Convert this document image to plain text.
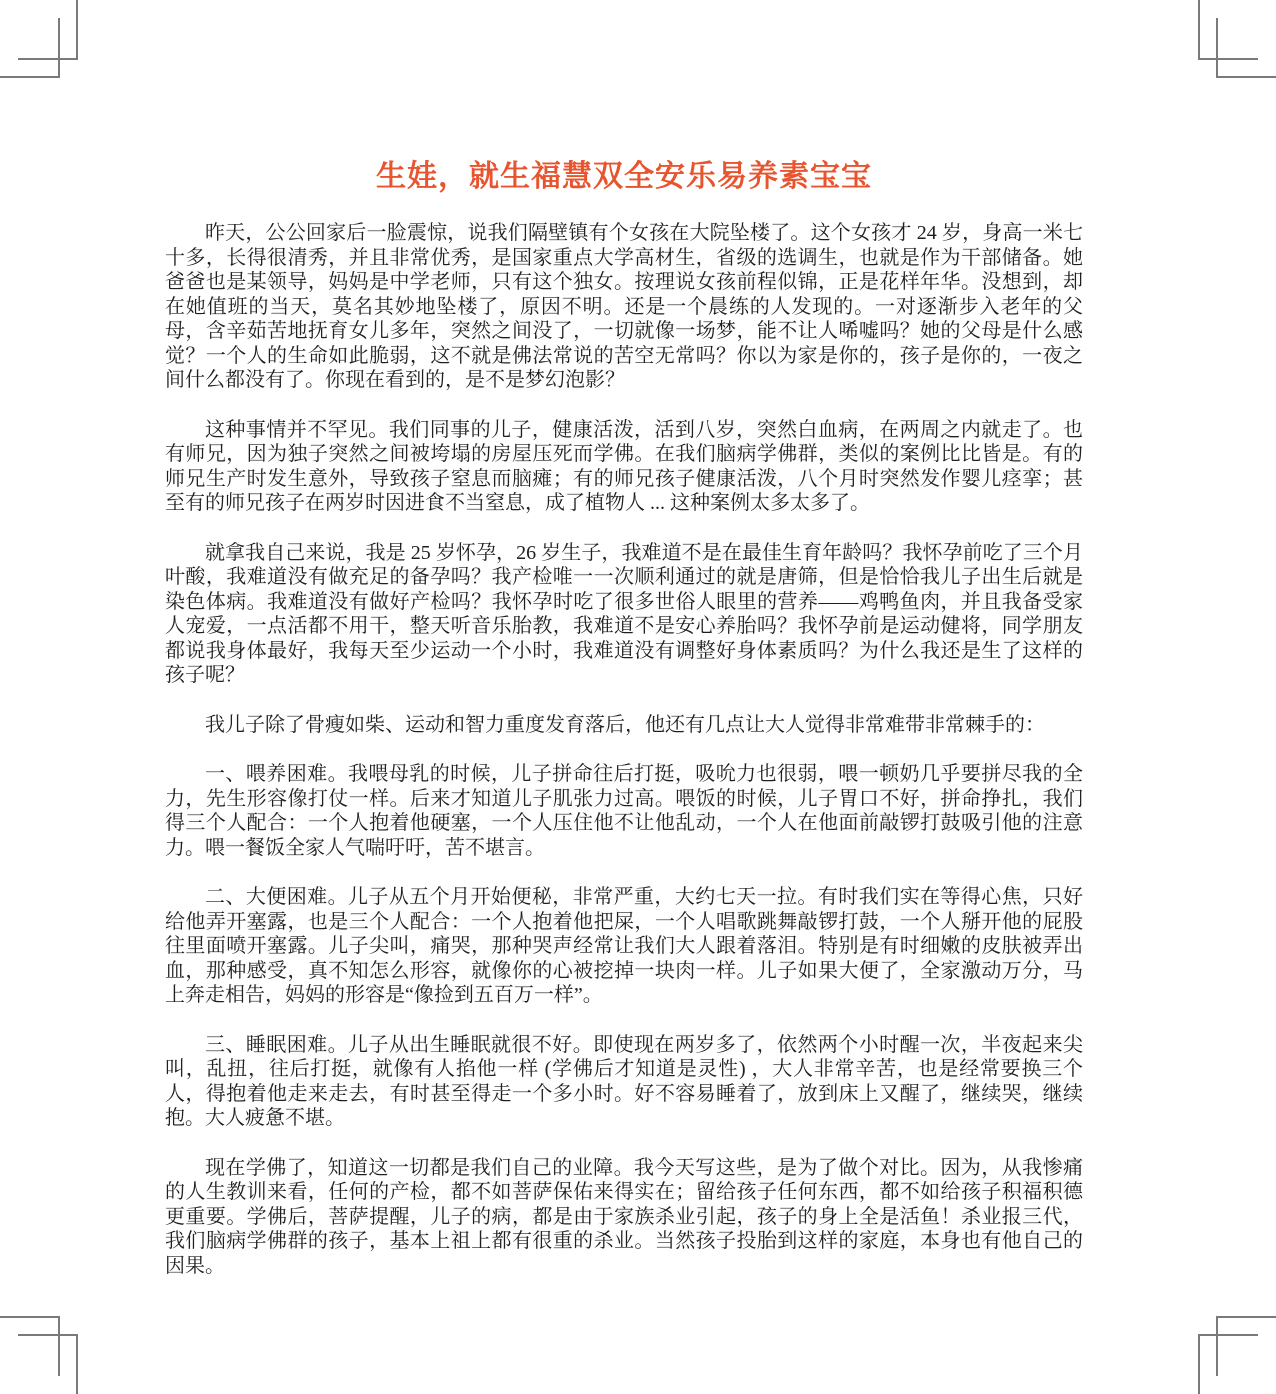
生娃，就生福慧双全安乐易养素宝宝

昨天，公公回家后一脸震惊，说我们隔壁镇有个女孩在大院坠楼了。这个女孩才 24 岁，身高一米七十多，长得很清秀，并且非常优秀，是国家重点大学高材生，省级的选调生，也就是作为干部储备。她爸爸也是某领导，妈妈是中学老师，只有这个独女。按理说女孩前程似锦，正是花样年华。没想到，却在她值班的当天，莫名其妙地坠楼了，原因不明。还是一个晨练的人发现的。一对逐渐步入老年的父母，含辛茹苦地抚育女儿多年，突然之间没了，一切就像一场梦，能不让人唏嘘吗？她的父母是什么感觉？一个人的生命如此脆弱，这不就是佛法常说的苦空无常吗？你以为家是你的，孩子是你的，一夜之间什么都没有了。你现在看到的，是不是梦幻泡影？

这种事情并不罕见。我们同事的儿子，健康活泼，活到八岁，突然白血病，在两周之内就走了。也有师兄，因为独子突然之间被垮塌的房屋压死而学佛。在我们脑病学佛群，类似的案例比比皆是。有的师兄生产时发生意外，导致孩子窒息而脑瘫；有的师兄孩子健康活泼，八个月时突然发作婴儿痉挛；甚至有的师兄孩子在两岁时因进食不当窒息，成了植物人 ... 这种案例太多太多了。

就拿我自己来说，我是 25 岁怀孕，26 岁生子，我难道不是在最佳生育年龄吗？我怀孕前吃了三个月叶酸，我难道没有做充足的备孕吗？我产检唯一一次顺利通过的就是唐筛，但是恰恰我儿子出生后就是染色体病。我难道没有做好产检吗？我怀孕时吃了很多世俗人眼里的营养——鸡鸭鱼肉，并且我备受家人宠爱，一点活都不用干，整天听音乐胎教，我难道不是安心养胎吗？我怀孕前是运动健将，同学朋友都说我身体最好，我每天至少运动一个小时，我难道没有调整好身体素质吗？为什么我还是生了这样的孩子呢？

我儿子除了骨瘦如柴、运动和智力重度发育落后，他还有几点让大人觉得非常难带非常棘手的：

一、喂养困难。我喂母乳的时候，儿子拼命往后打挺，吸吮力也很弱，喂一顿奶几乎要拼尽我的全力，先生形容像打仗一样。后来才知道儿子肌张力过高。喂饭的时候，儿子胃口不好，拼命挣扎，我们得三个人配合：一个人抱着他硬塞，一个人压住他不让他乱动，一个人在他面前敲锣打鼓吸引他的注意力。喂一餐饭全家人气喘吁吁，苦不堪言。

二、大便困难。儿子从五个月开始便秘，非常严重，大约七天一拉。有时我们实在等得心焦，只好给他弄开塞露，也是三个人配合：一个人抱着他把屎，一个人唱歌跳舞敲锣打鼓，一个人掰开他的屁股往里面喷开塞露。儿子尖叫，痛哭，那种哭声经常让我们大人跟着落泪。特别是有时细嫩的皮肤被弄出血，那种感受，真不知怎么形容，就像你的心被挖掉一块肉一样。儿子如果大便了，全家激动万分，马上奔走相告，妈妈的形容是“像捡到五百万一样”。

三、睡眠困难。儿子从出生睡眠就很不好。即使现在两岁多了，依然两个小时醒一次，半夜起来尖叫，乱扭，往后打挺，就像有人掐他一样 (学佛后才知道是灵性) ，大人非常辛苦，也是经常要换三个人，得抱着他走来走去，有时甚至得走一个多小时。好不容易睡着了，放到床上又醒了，继续哭，继续抱。大人疲惫不堪。

现在学佛了，知道这一切都是我们自己的业障。我今天写这些，是为了做个对比。因为，从我惨痛的人生教训来看，任何的产检，都不如菩萨保佑来得实在；留给孩子任何东西，都不如给孩子积福积德更重要。学佛后，菩萨提醒，儿子的病，都是由于家族杀业引起，孩子的身上全是活鱼！杀业报三代，我们脑病学佛群的孩子，基本上祖上都有很重的杀业。当然孩子投胎到这样的家庭，本身也有他自己的因果。
